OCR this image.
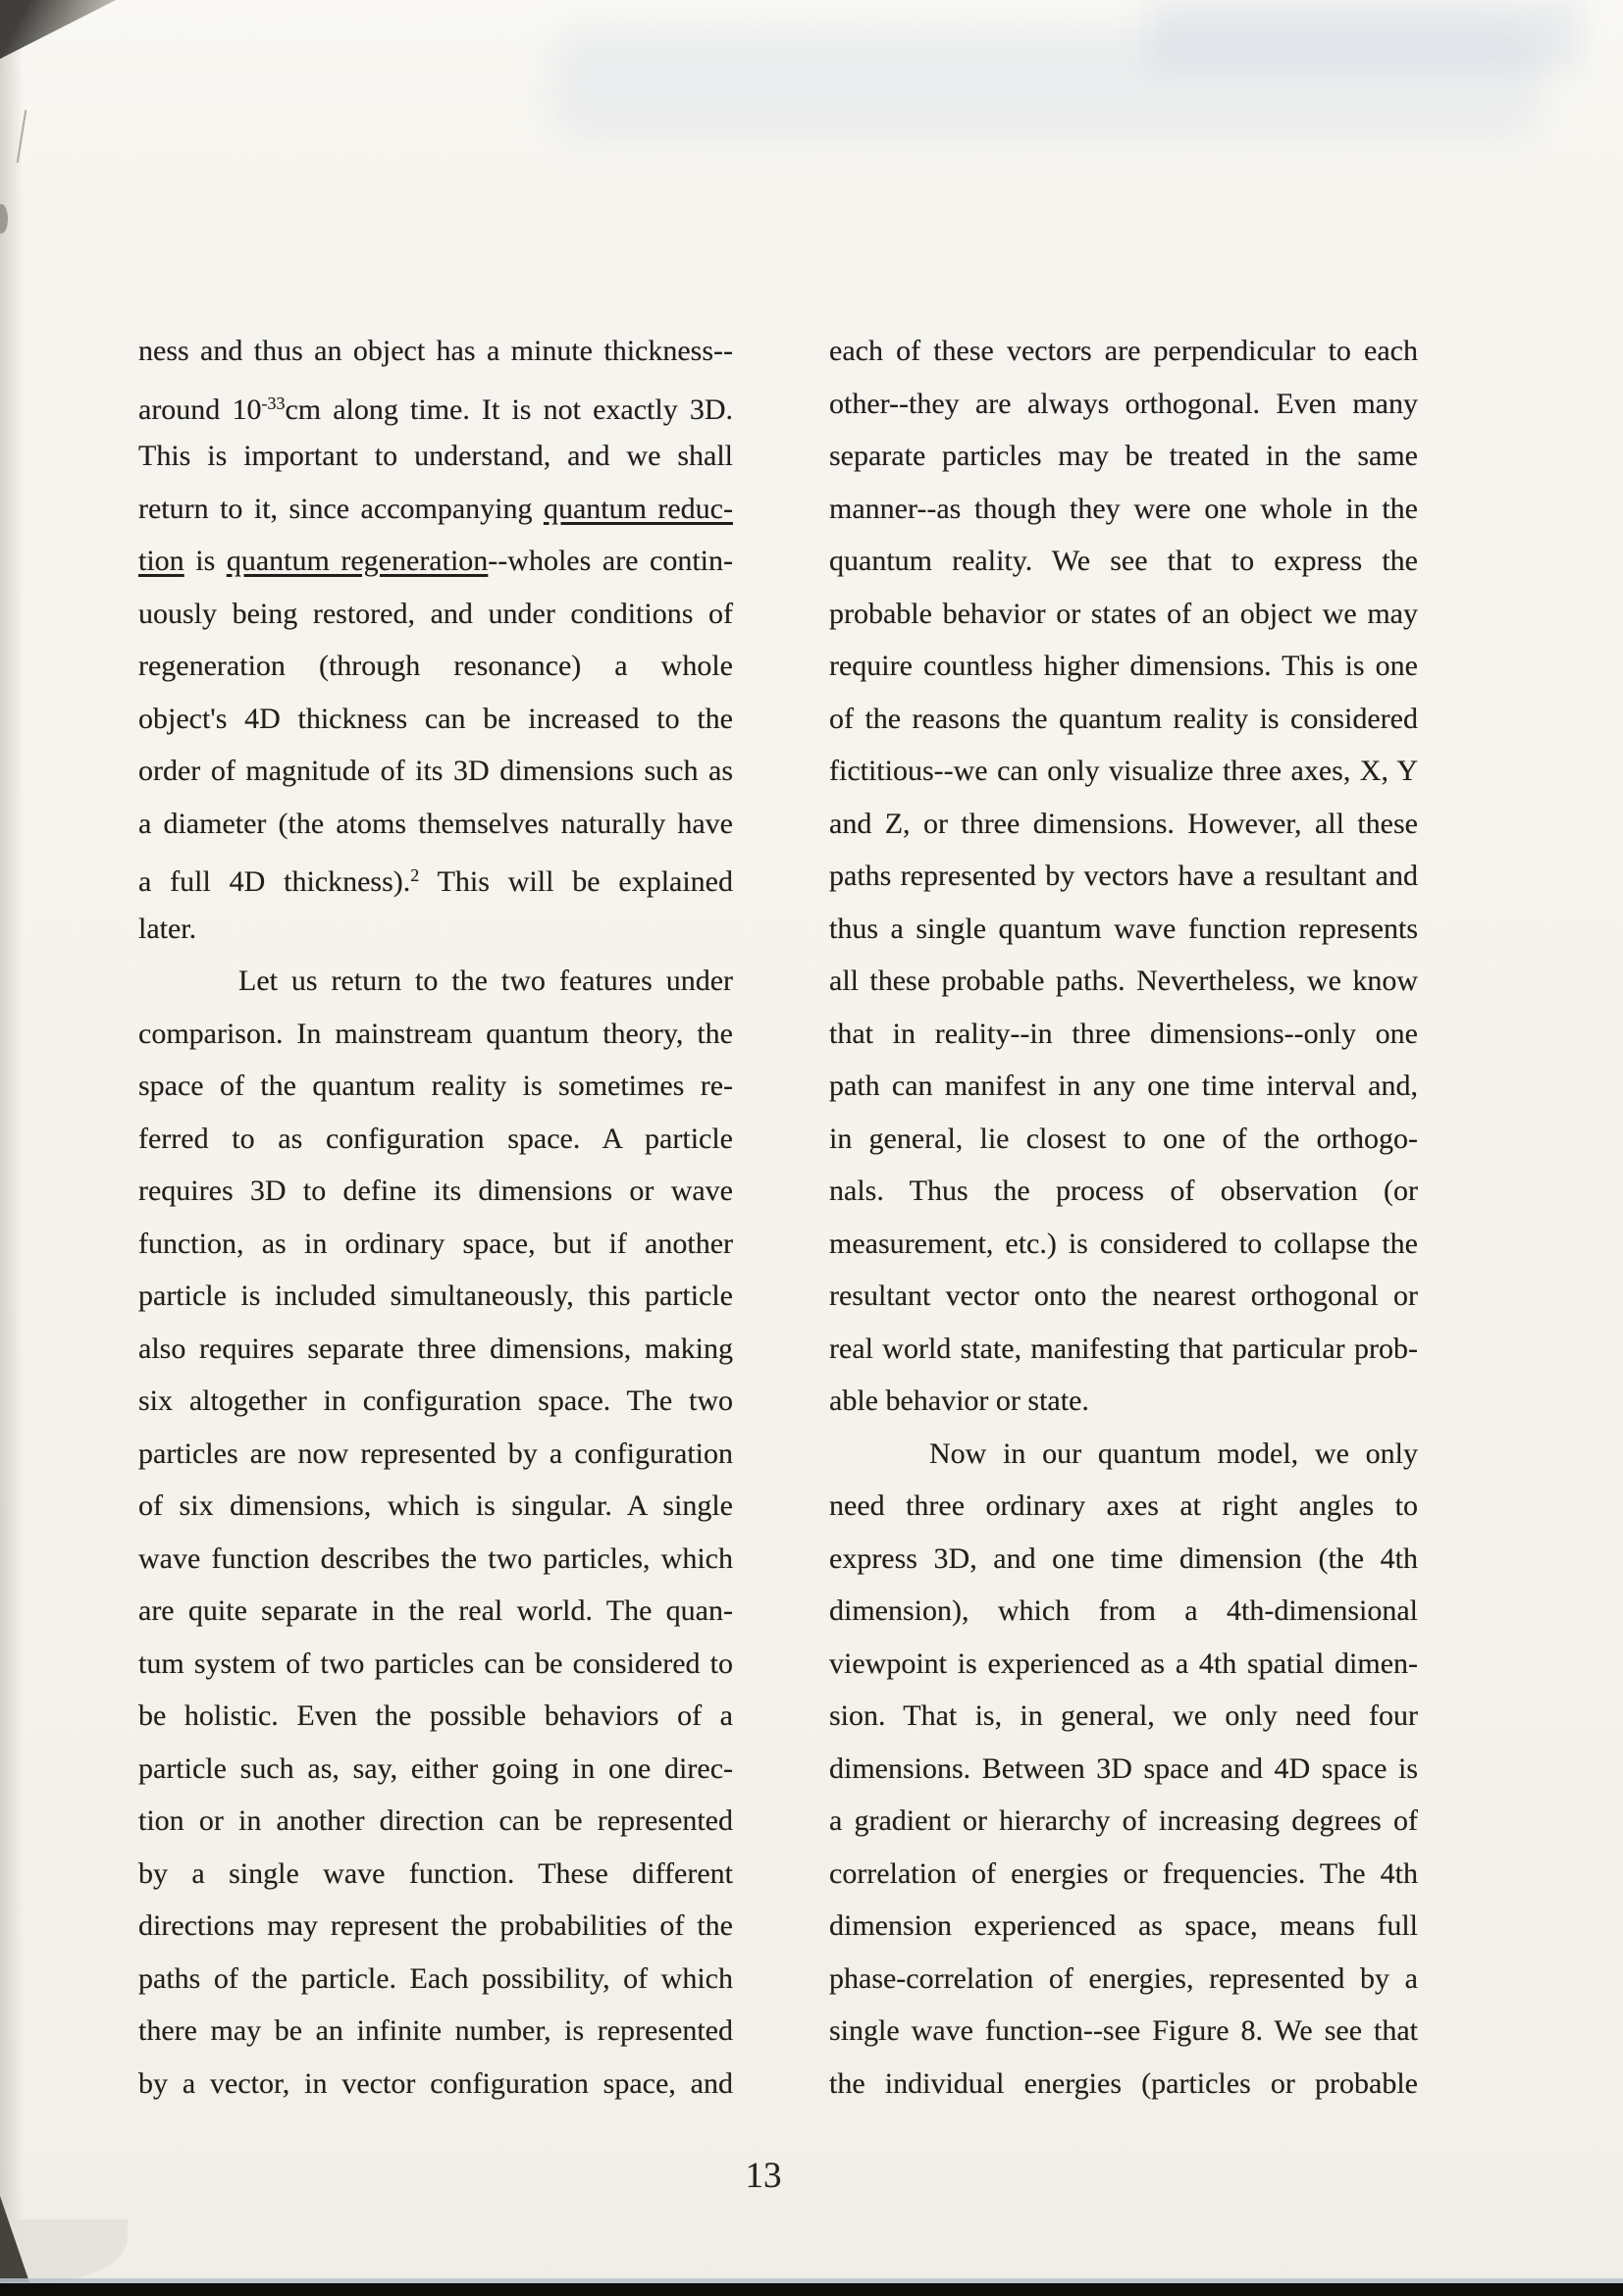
ness and thus an object has a minute thickness--
around $10^{-33}cm$ along time. It is not exactly 3D.
This is important to understand, and we shall
return to it, since accompanying quantum reduc-
tion is quantum regeneration--wholes are contin-
uously being restored, and under conditions of
regeneration (through resonance) a whole
object's 4D thickness can be increased to the
order of magnitude of its 3D dimensions such as
a diameter (the atoms themselves naturally have
a full 4D thickness).$^2$ This will be explained
later.
Let us return to the two features under
comparison. In mainstream quantum theory, the
space of the quantum reality is sometimes re-
ferred to as configuration space. A particle
requires 3D to define its dimensions or wave
function, as in ordinary space, but if another
particle is included simultaneously, this particle
also requires separate three dimensions, making
six altogether in configuration space. The two
particles are now represented by a configuration
of six dimensions, which is singular. A single
wave function describes the two particles, which
are quite separate in the real world. The quan-
tum system of two particles can be considered to
be holistic. Even the possible behaviors of a
particle such as, say, either going in one direc-
tion or in another direction can be represented
by a single wave function. These different
directions may represent the probabilities of the
paths of the particle. Each possibility, of which
there may be an infinite number, is represented
by a vector, in vector configuration space, and
each of these vectors are perpendicular to each
other--they are always orthogonal. Even many
separate particles may be treated in the same
manner--as though they were one whole in the
quantum reality. We see that to express the
probable behavior or states of an object we may
require countless higher dimensions. This is one
of the reasons the quantum reality is considered
fictitious--we can only visualize three axes, X, Y
and Z, or three dimensions. However, all these
paths represented by vectors have a resultant and
thus a single quantum wave function represents
all these probable paths. Nevertheless, we know
that in reality--in three dimensions--only one
path can manifest in any one time interval and,
in general, lie closest to one of the orthogo-
nals. Thus the process of observation (or
measurement, etc.) is considered to collapse the
resultant vector onto the nearest orthogonal or
real world state, manifesting that particular prob-
able behavior or state.
Now in our quantum model, we only
need three ordinary axes at right angles to
express 3D, and one time dimension (the 4th
dimension), which from a 4th-dimensional
viewpoint is experienced as a 4th spatial dimen-
sion. That is, in general, we only need four
dimensions. Between 3D space and 4D space is
a gradient or hierarchy of increasing degrees of
correlation of energies or frequencies. The 4th
dimension experienced as space, means full
phase-correlation of energies, represented by a
single wave function--see Figure 8. We see that
the individual energies (particles or probable
13
